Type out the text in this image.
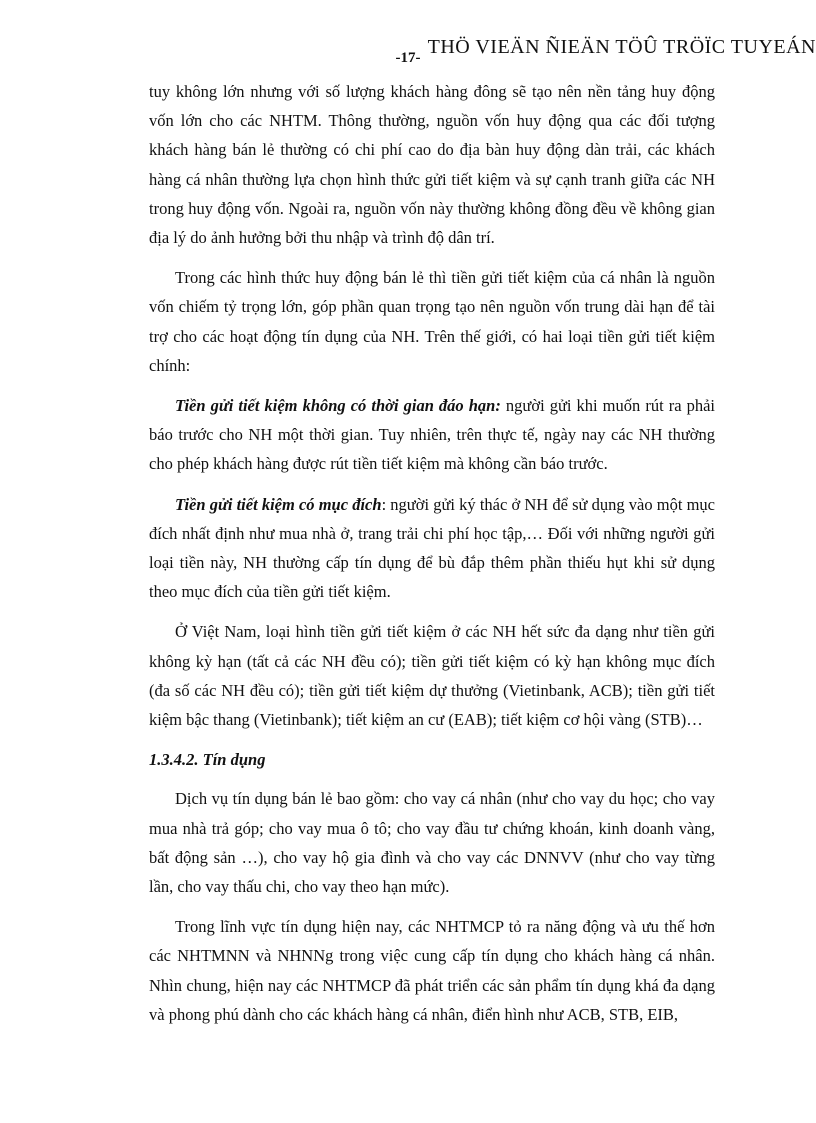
THÖ VIEÄN ÑIEÄN TÖÛ TRÖÏC TUYEÁN
-17-

tuy không lớn nhưng với số lượng khách hàng đông sẽ tạo nên nền tảng huy động vốn lớn cho các NHTM. Thông thường, nguồn vốn huy động qua các đối tượng khách hàng bán lẻ thường có chi phí cao do địa bàn huy động dàn trải, các khách hàng cá nhân thường lựa chọn hình thức gửi tiết kiệm và sự cạnh tranh giữa các NH trong huy động vốn. Ngoài ra, nguồn vốn này thường không đồng đều về không gian địa lý do ảnh hưởng bởi thu nhập và trình độ dân trí.

Trong các hình thức huy động bán lẻ thì tiền gửi tiết kiệm của cá nhân là nguồn vốn chiếm tỷ trọng lớn, góp phần quan trọng tạo nên nguồn vốn trung dài hạn để tài trợ cho các hoạt động tín dụng của NH. Trên thế giới, có hai loại tiền gửi tiết kiệm chính:

Tiền gửi tiết kiệm không có thời gian đáo hạn: người gửi khi muốn rút ra phải báo trước cho NH một thời gian. Tuy nhiên, trên thực tế, ngày nay các NH thường cho phép khách hàng được rút tiền tiết kiệm mà không cần báo trước.

Tiền gửi tiết kiệm có mục đích: người gửi ký thác ở NH để sử dụng vào một mục đích nhất định như mua nhà ở, trang trải chi phí học tập,… Đối với những người gửi loại tiền này, NH thường cấp tín dụng để bù đắp thêm phần thiếu hụt khi sử dụng theo mục đích của tiền gửi tiết kiệm.

Ở Việt Nam, loại hình tiền gửi tiết kiệm ở các NH hết sức đa dạng như tiền gửi không kỳ hạn (tất cả các NH đều có); tiền gửi tiết kiệm có kỳ hạn không mục đích (đa số các NH đều có); tiền gửi tiết kiệm dự thưởng (Vietinbank, ACB); tiền gửi tiết kiệm bậc thang (Vietinbank); tiết kiệm an cư (EAB); tiết kiệm cơ hội vàng (STB)…

1.3.4.2. Tín dụng

Dịch vụ tín dụng bán lẻ bao gồm: cho vay cá nhân (như cho vay du học; cho vay mua nhà trả góp; cho vay mua ô tô; cho vay đầu tư chứng khoán, kinh doanh vàng, bất động sản …), cho vay hộ gia đình và cho vay các DNNVV (như cho vay từng lần, cho vay thấu chi, cho vay theo hạn mức).

Trong lĩnh vực tín dụng hiện nay, các NHTMCP tỏ ra năng động và ưu thế hơn các NHTMNN và NHNNg trong việc cung cấp tín dụng cho khách hàng cá nhân. Nhìn chung, hiện nay các NHTMCP đã phát triển các sản phẩm tín dụng khá đa dạng và phong phú dành cho các khách hàng cá nhân, điển hình như ACB, STB, EIB,
